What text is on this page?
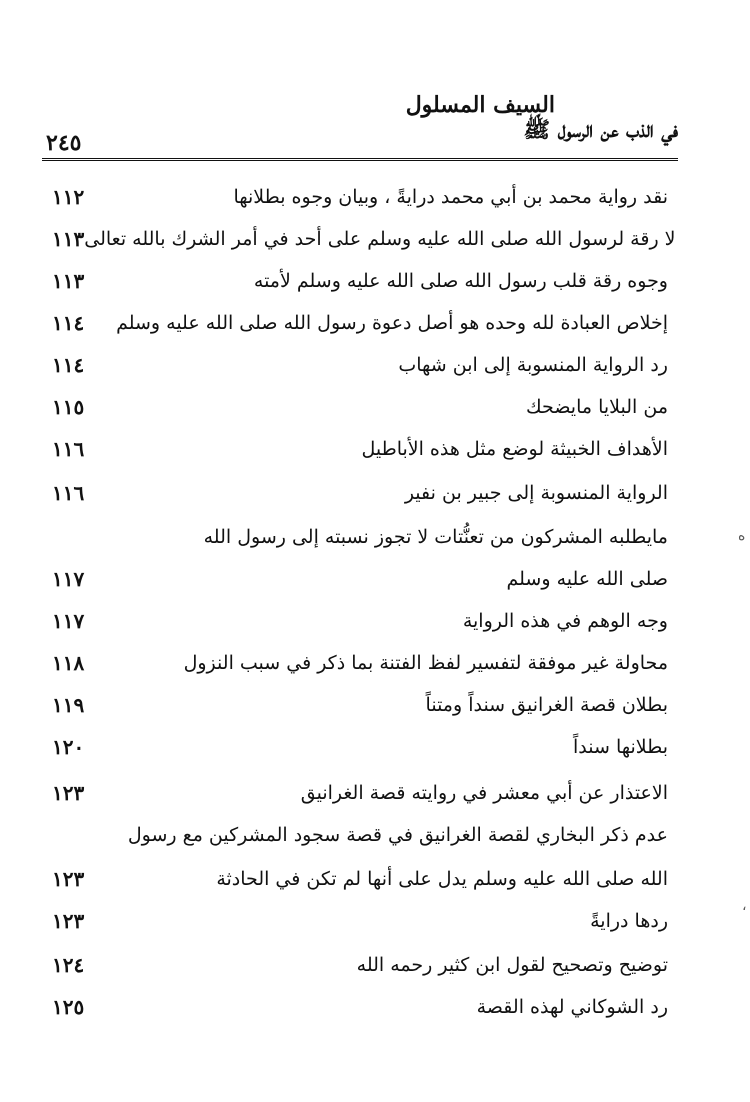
السيف المسلول
في الذب عن الرسول ﷺ
٢٤٥
ه
،
١١٢	نقد رواية محمد بن أبي محمد درايةً ، وبيان وجوه بطلانها
١١٣ لا رقة لرسول الله صلى الله عليه وسلم على أحد في أمر الشرك بالله تعالى
١١٣	وجوه رقة قلب رسول الله صلى الله عليه وسلم لأمته
١١٤	إخلاص العبادة لله وحده هو أصل دعوة رسول الله صلى الله عليه وسلم
١١٤	رد الرواية المنسوبة إلى ابن شهاب
١١٥	من البلايا مايضحك
١١٦	الأهداف الخبيثة لوضع مثل هذه الأباطيل
١١٦	الرواية المنسوبة إلى جبير بن نفير
مايطلبه المشركون من تعنُّتات لا تجوز نسبته إلى رسول الله
١١٧	صلى الله عليه وسلم
١١٧	وجه الوهم في هذه الرواية
١١٨	محاولة غير موفقة لتفسير لفظ الفتنة بما ذكر في سبب النزول
١١٩	بطلان قصة الغرانيق سنداً ومتناً
١٢٠	بطلانها سنداً
١٢٣	الاعتذار عن أبي معشر في روايته قصة الغرانيق
عدم ذكر البخاري لقصة الغرانيق في قصة سجود المشركين مع رسول
١٢٣	الله صلى الله عليه وسلم يدل على أنها لم تكن في الحادثة
١٢٣	ردها درايةً
١٢٤	توضيح وتصحيح لقول ابن كثير رحمه الله
١٢٥	رد الشوكاني لهذه القصة
